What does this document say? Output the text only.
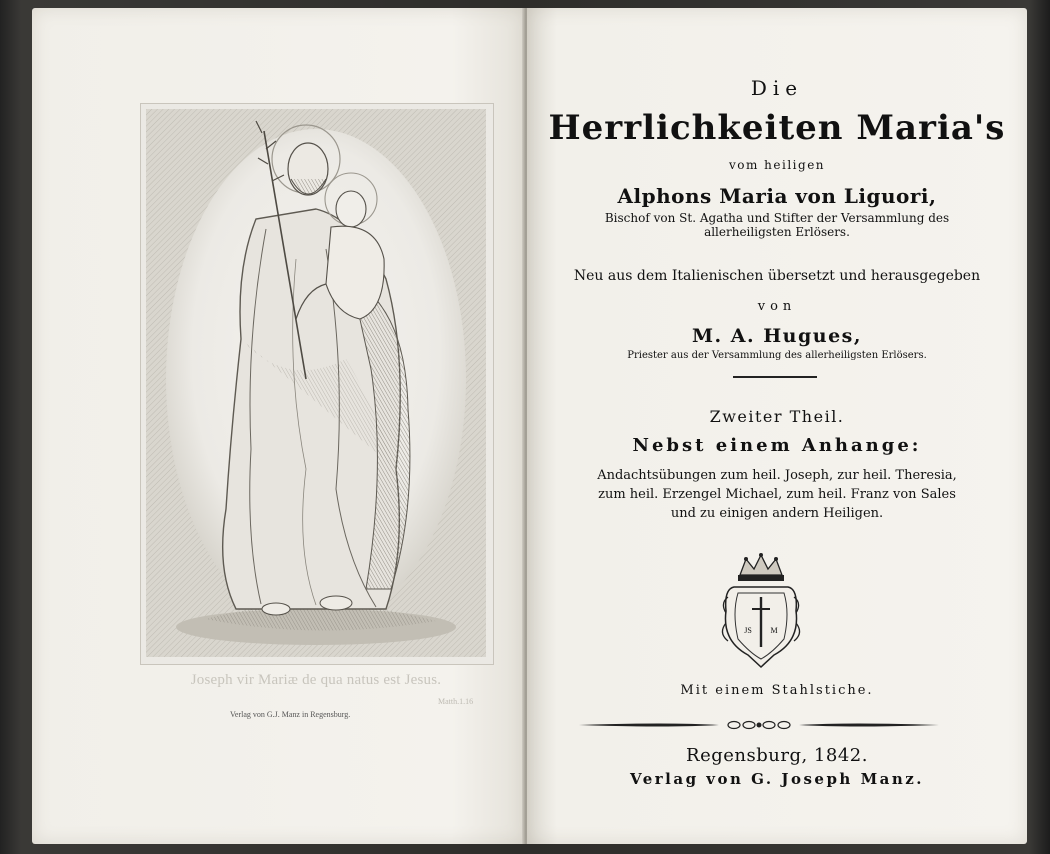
Joseph vir Mariæ de qua natus est Jesus.
Matth.1.16
Verlag von G.J. Manz in Regensburg.
Die
Herrlichkeiten Maria's
vom heiligen
Alphons Maria von Liguori,
Bischof von St. Agatha und Stifter der Versammlung des
allerheiligsten Erlösers.
Neu aus dem Italienischen übersetzt und herausgegeben
von
M. A. Hugues,
Priester aus der Versammlung des allerheiligsten Erlösers.
Zweiter Theil.
Nebst einem Anhange:
Andachtsübungen zum heil. Joseph, zur heil. Theresia,
zum heil. Erzengel Michael, zum heil. Franz von Sales
und zu einigen andern Heiligen.
JS M
Mit einem Stahlstiche.
Regensburg, 1842.
Verlag von G. Joseph Manz.
